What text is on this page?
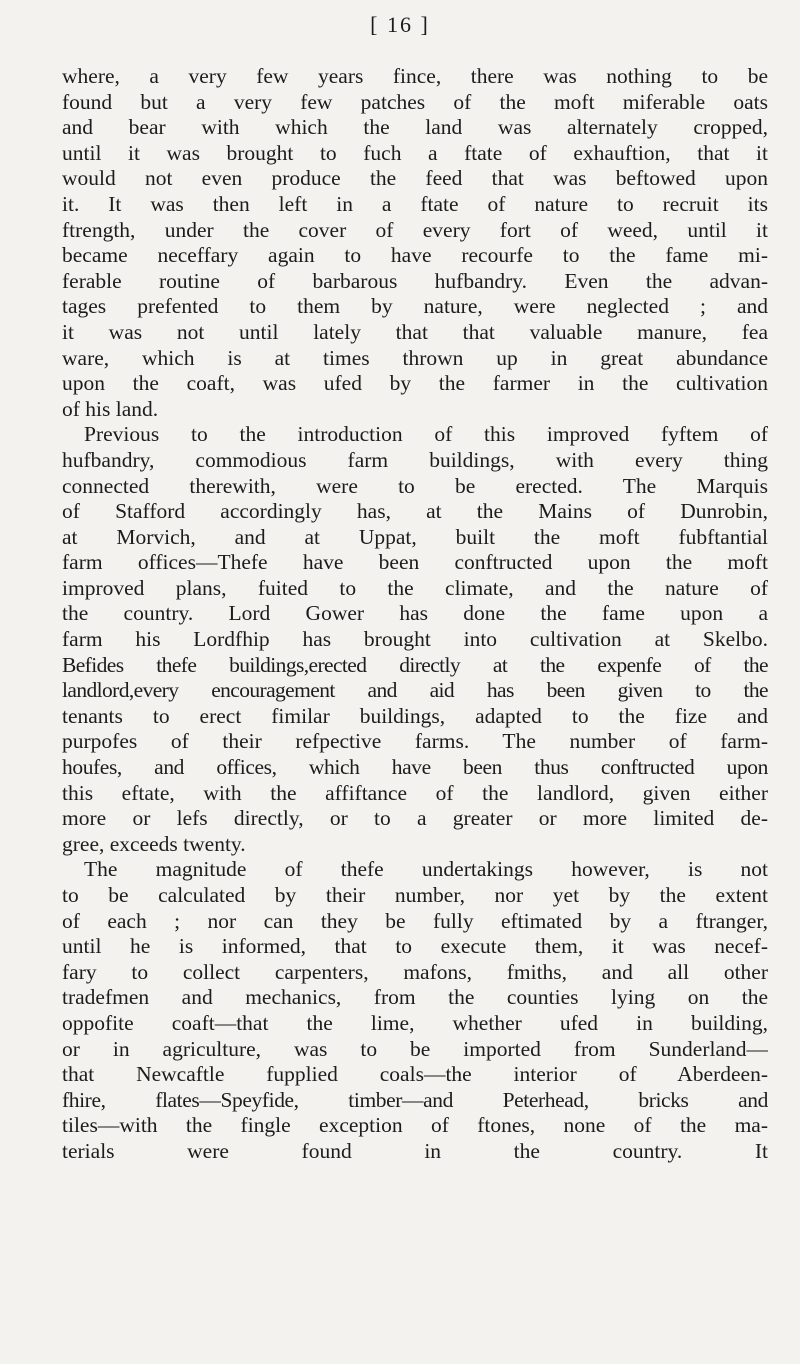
[ 16 ]
where, a very few years fince, there was nothing to be
found but a very few patches of the moft miferable oats
and bear with which the land was alternately cropped,
until it was brought to fuch a ftate of exhauftion, that it
would not even produce the feed that was beftowed upon
it. It was then left in a ftate of nature to recruit its
ftrength, under the cover of every fort of weed, until it
became neceffary again to have recourfe to the fame mi-
ferable routine of barbarous hufbandry. Even the advan-
tages prefented to them by nature, were neglected ; and
it was not until lately that that valuable manure, fea
ware, which is at times thrown up in great abundance
upon the coaft, was ufed by the farmer in the cultivation
of his land.
Previous to the introduction of this improved fyftem of
hufbandry, commodious farm buildings, with every thing
connected therewith, were to be erected. The Marquis
of Stafford accordingly has, at the Mains of Dunrobin,
at Morvich, and at Uppat, built the moft fubftantial
farm offices—Thefe have been conftructed upon the moft
improved plans, fuited to the climate, and the nature of
the country. Lord Gower has done the fame upon a
farm his Lordfhip has brought into cultivation at Skelbo.
Befides thefe buildings,erected directly at the expenfe of the
landlord,every encouragement and aid has been given to the
tenants to erect fimilar buildings, adapted to the fize and
purpofes of their refpective farms. The number of farm-
houfes, and offices, which have been thus conftructed upon
this eftate, with the affiftance of the landlord, given either
more or lefs directly, or to a greater or more limited de-
gree, exceeds twenty.
The magnitude of thefe undertakings however, is not
to be calculated by their number, nor yet by the extent
of each ; nor can they be fully eftimated by a ftranger,
until he is informed, that to execute them, it was necef-
fary to collect carpenters, mafons, fmiths, and all other
tradefmen and mechanics, from the counties lying on the
oppofite coaft—that the lime, whether ufed in building,
or in agriculture, was to be imported from Sunderland—
that Newcaftle fupplied coals—the interior of Aberdeen-
fhire, flates—Speyfide, timber—and Peterhead, bricks and
tiles—with the fingle exception of ftones, none of the ma-
terials were found in the country. It
